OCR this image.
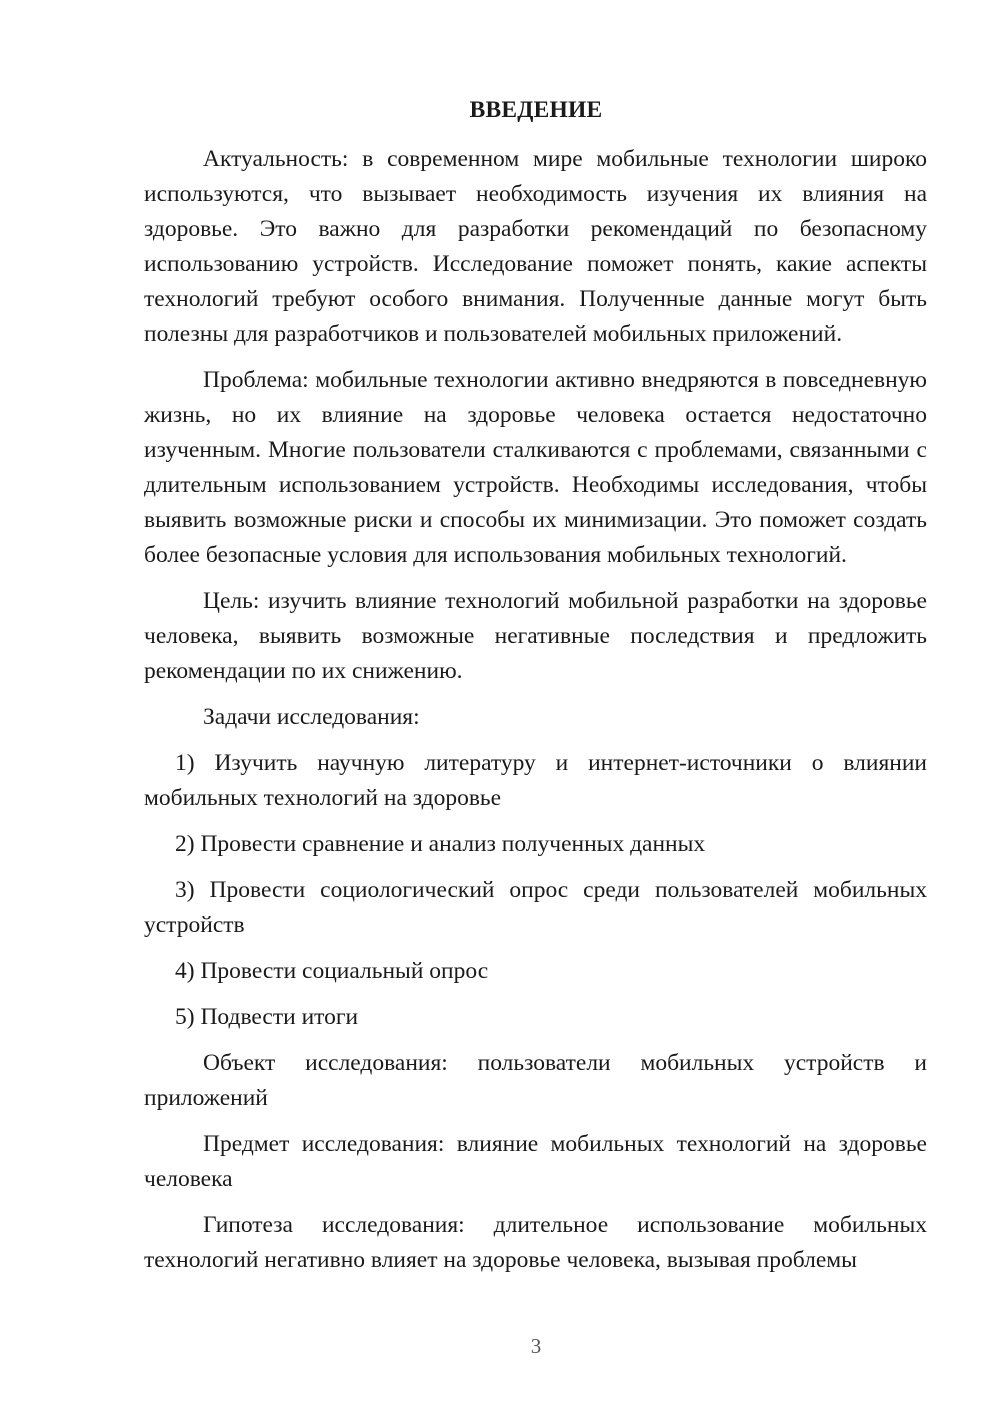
ВВЕДЕНИЕ

Актуальность: в современном мире мобильные технологии широко используются, что вызывает необходимость изучения их влияния на здоровье. Это важно для разработки рекомендаций по безопасному использованию устройств. Исследование поможет понять, какие аспекты технологий требуют особого внимания. Полученные данные могут быть полезны для разработчиков и пользователей мобильных приложений.

Проблема: мобильные технологии активно внедряются в повседневную жизнь, но их влияние на здоровье человека остается недостаточно изученным. Многие пользователи сталкиваются с проблемами, связанными с длительным использованием устройств. Необходимы исследования, чтобы выявить возможные риски и способы их минимизации. Это поможет создать более безопасные условия для использования мобильных технологий.

Цель: изучить влияние технологий мобильной разработки на здоровье человека, выявить возможные негативные последствия и предложить рекомендации по их снижению.

Задачи исследования:

1) Изучить научную литературу и интернет-источники о влиянии мобильных технологий на здоровье

2) Провести сравнение и анализ полученных данных

3) Провести социологический опрос среди пользователей мобильных устройств

4) Провести социальный опрос

5) Подвести итоги

Объект исследования: пользователи мобильных устройств и приложений

Предмет исследования: влияние мобильных технологий на здоровье человека

Гипотеза исследования: длительное использование мобильных технологий негативно влияет на здоровье человека, вызывая проблемы

3
